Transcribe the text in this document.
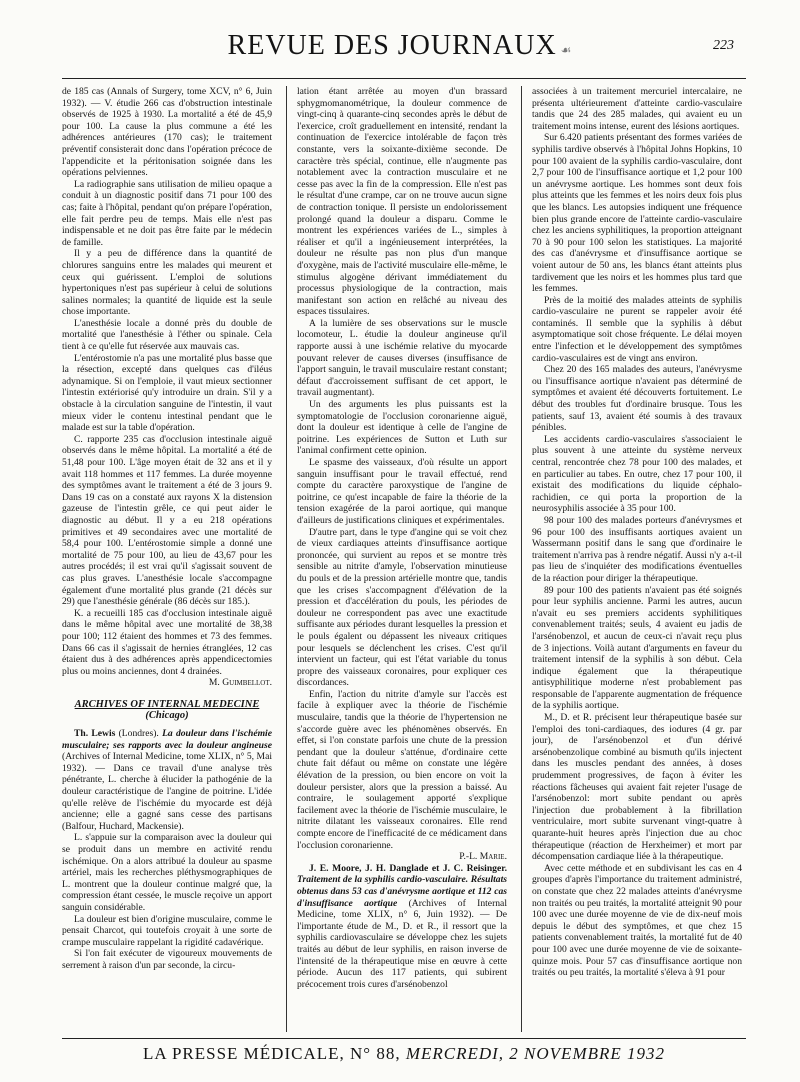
REVUE DES JOURNAUX ☙	223

de 185 cas (Annals of Surgery, tome XCV, n° 6, Juin 1932). — V. étudie 266 cas d'obstruction intestinale observés de 1925 à 1930. La mortalité a été de 45,9 pour 100. La cause la plus commune a été les adhérences antérieures (170 cas); le traitement préventif consisterait donc dans l'opération précoce de l'appendicite et la péritonisation soignée dans les opérations pelviennes.

La radiographie sans utilisation de milieu opaque a conduit à un diagnostic positif dans 71 pour 100 des cas; faite à l'hôpital, pendant qu'on prépare l'opération, elle fait perdre peu de temps. Mais elle n'est pas indispensable et ne doit pas être faite par le médecin de famille.

Il y a peu de différence dans la quantité de chlorures sanguins entre les malades qui meurent et ceux qui guérissent. L'emploi de solutions hypertoniques n'est pas supérieur à celui de solutions salines normales; la quantité de liquide est la seule chose importante.

L'anesthésie locale a donné près du double de mortalité que l'anesthésie à l'éther ou spinale. Cela tient à ce qu'elle fut réservée aux mauvais cas.

L'entérostomie n'a pas une mortalité plus basse que la résection, excepté dans quelques cas d'iléus adynamique. Si on l'emploie, il vaut mieux sectionner l'intestin extériorisé qu'y introduire un drain. S'il y a obstacle à la circulation sanguine de l'intestin, il vaut mieux vider le contenu intestinal pendant que le malade est sur la table d'opération.

C. rapporte 235 cas d'occlusion intestinale aiguë observés dans le même hôpital. La mortalité a été de 51,48 pour 100. L'âge moyen était de 32 ans et il y avait 118 hommes et 117 femmes. La durée moyenne des symptômes avant le traitement a été de 3 jours 9. Dans 19 cas on a constaté aux rayons X la distension gazeuse de l'intestin grêle, ce qui peut aider le diagnostic au début. Il y a eu 218 opérations primitives et 49 secondaires avec une mortalité de 58,4 pour 100. L'entérostomie simple a donné une mortalité de 75 pour 100, au lieu de 43,67 pour les autres procédés; il est vrai qu'il s'agissait souvent de cas plus graves. L'anesthésie locale s'accompagne également d'une mortalité plus grande (21 décès sur 29) que l'anesthésie générale (86 décès sur 185.).

K. a recueilli 185 cas d'occlusion intestinale aiguë dans le même hôpital avec une mortalité de 38,38 pour 100; 112 étaient des hommes et 73 des femmes. Dans 66 cas il s'agissait de hernies étranglées, 12 cas étaient dus à des adhérences après appendicectomies plus ou moins anciennes, dont 4 drainées.

M. Guimbellot.

ARCHIVES OF INTERNAL MEDECINE
(Chicago)

Th. Lewis (Londres). La douleur dans l'ischémie musculaire; ses rapports avec la douleur angineuse (Archives of Internal Medicine, tome XLIX, n° 5, Mai 1932). — Dans ce travail d'une analyse très pénétrante, L. cherche à élucider la pathogénie de la douleur caractéristique de l'angine de poitrine. L'idée qu'elle relève de l'ischémie du myocarde est déjà ancienne; elle a gagné sans cesse des partisans (Balfour, Huchard, Mackensie).

L. s'appuie sur la comparaison avec la douleur qui se produit dans un membre en activité rendu ischémique. On a alors attribué la douleur au spasme artériel, mais les recherches pléthysmographiques de L. montrent que la douleur continue malgré que, la compression étant cessée, le muscle reçoive un apport sanguin considérable.

La douleur est bien d'origine musculaire, comme le pensait Charcot, qui toutefois croyait à une sorte de crampe musculaire rappelant la rigidité cadavérique.

Si l'on fait exécuter de vigoureux mouvements de serrement à raison d'un par seconde, la circu-

lation étant arrêtée au moyen d'un brassard sphygmomanométrique, la douleur commence de vingt-cinq à quarante-cinq secondes après le début de l'exercice, croît graduellement en intensité, rendant la continuation de l'exercice intolérable de façon très constante, vers la soixante-dixième seconde. De caractère très spécial, continue, elle n'augmente pas notablement avec la contraction musculaire et ne cesse pas avec la fin de la compression. Elle n'est pas le résultat d'une crampe, car on ne trouve aucun signe de contraction tonique. Il persiste un endolorissement prolongé quand la douleur a disparu. Comme le montrent les expériences variées de L., simples à réaliser et qu'il a ingénieusement interprétées, la douleur ne résulte pas non plus d'un manque d'oxygène, mais de l'activité musculaire elle-même, le stimulus algogène dérivant immédiatement du processus physiologique de la contraction, mais manifestant son action en relâché au niveau des espaces tissulaires.

A la lumière de ses observations sur le muscle locomoteur, L. étudie la douleur angineuse qu'il rapporte aussi à une ischémie relative du myocarde pouvant relever de causes diverses (insuffisance de l'apport sanguin, le travail musculaire restant constant; défaut d'accroissement suffisant de cet apport, le travail augmentant).

Un des arguments les plus puissants est la symptomatologie de l'occlusion coronarienne aiguë, dont la douleur est identique à celle de l'angine de poitrine. Les expériences de Sutton et Luth sur l'animal confirment cette opinion.

Le spasme des vaisseaux, d'où résulte un apport sanguin insuffisant pour le travail effectué, rend compte du caractère paroxystique de l'angine de poitrine, ce qu'est incapable de faire la théorie de la tension exagérée de la paroi aortique, qui manque d'ailleurs de justifications cliniques et expérimentales.

D'autre part, dans le type d'angine qui se voit chez de vieux cardiaques atteints d'insuffisance aortique prononcée, qui survient au repos et se montre très sensible au nitrite d'amyle, l'observation minutieuse du pouls et de la pression artérielle montre que, tandis que les crises s'accompagnent d'élévation de la pression et d'accélération du pouls, les périodes de douleur ne correspondent pas avec une exactitude suffisante aux périodes durant lesquelles la pression et le pouls égalent ou dépassent les niveaux critiques pour lesquels se déclenchent les crises. C'est qu'il intervient un facteur, qui est l'état variable du tonus propre des vaisseaux coronaires, pour expliquer ces discordances.

Enfin, l'action du nitrite d'amyle sur l'accès est facile à expliquer avec la théorie de l'ischémie musculaire, tandis que la théorie de l'hypertension ne s'accorde guère avec les phénomènes observés. En effet, si l'on constate parfois une chute de la pression pendant que la douleur s'atténue, d'ordinaire cette chute fait défaut ou même on constate une légère élévation de la pression, ou bien encore on voit la douleur persister, alors que la pression a baissé. Au contraire, le soulagement apporté s'explique facilement avec la théorie de l'ischémie musculaire, le nitrite dilatant les vaisseaux coronaires. Elle rend compte encore de l'inefficacité de ce médicament dans l'occlusion coronarienne.

P.-L. Marie.

J. E. Moore, J. H. Danglade et J. C. Reisinger. Traitement de la syphilis cardio-vasculaire. Résultats obtenus dans 53 cas d'anévrysme aortique et 112 cas d'insuffisance aortique (Archives of Internal Medicine, tome XLIX, n° 6, Juin 1932). — De l'importante étude de M., D. et R., il ressort que la syphilis cardiovasculaire se développe chez les sujets traités au début de leur syphilis, en raison inverse de l'intensité de la thérapeutique mise en œuvre à cette période. Aucun des 117 patients, qui subirent précocement trois cures d'arsénobenzol

associées à un traitement mercuriel intercalaire, ne présenta ultérieurement d'atteinte cardio-vasculaire tandis que 24 des 285 malades, qui avaient eu un traitement moins intense, eurent des lésions aortiques.

Sur 6.420 patients présentant des formes variées de syphilis tardive observés à l'hôpital Johns Hopkins, 10 pour 100 avaient de la syphilis cardio-vasculaire, dont 2,7 pour 100 de l'insuffisance aortique et 1,2 pour 100 un anévrysme aortique. Les hommes sont deux fois plus atteints que les femmes et les noirs deux fois plus que les blancs. Les autopsies indiquent une fréquence bien plus grande encore de l'atteinte cardio-vasculaire chez les anciens syphilitiques, la proportion atteignant 70 à 90 pour 100 selon les statistiques. La majorité des cas d'anévrysme et d'insuffisance aortique se voient autour de 50 ans, les blancs étant atteints plus tardivement que les noirs et les hommes plus tard que les femmes.

Près de la moitié des malades atteints de syphilis cardio-vasculaire ne purent se rappeler avoir été contaminés. Il semble que la syphilis à début asymptomatique soit chose fréquente. Le délai moyen entre l'infection et le développement des symptômes cardio-vasculaires est de vingt ans environ.

Chez 20 des 165 malades des auteurs, l'anévrysme ou l'insuffisance aortique n'avaient pas déterminé de symptômes et avaient été découverts fortuitement. Le début des troubles fut d'ordinaire brusque. Tous les patients, sauf 13, avaient été soumis à des travaux pénibles.

Les accidents cardio-vasculaires s'associaient le plus souvent à une atteinte du système nerveux central, rencontrée chez 78 pour 100 des malades, et en particulier au tabes. En outre, chez 17 pour 100, il existait des modifications du liquide céphalo-rachidien, ce qui porta la proportion de la neurosyphilis associée à 35 pour 100.

98 pour 100 des malades porteurs d'anévrysmes et 96 pour 100 des insuffisants aortiques avaient un Wassermann positif dans le sang que d'ordinaire le traitement n'arriva pas à rendre négatif. Aussi n'y a-t-il pas lieu de s'inquiéter des modifications éventuelles de la réaction pour diriger la thérapeutique.

89 pour 100 des patients n'avaient pas été soignés pour leur syphilis ancienne. Parmi les autres, aucun n'avait eu ses premiers accidents syphilitiques convenablement traités; seuls, 4 avaient eu jadis de l'arsénobenzol, et aucun de ceux-ci n'avait reçu plus de 3 injections. Voilà autant d'arguments en faveur du traitement intensif de la syphilis à son début. Cela indique également que la thérapeutique antisyphilitique moderne n'est probablement pas responsable de l'apparente augmentation de fréquence de la syphilis aortique.

M., D. et R. précisent leur thérapeutique basée sur l'emploi des toni-cardiaques, des iodures (4 gr. par jour), de l'arsénobenzol et d'un dérivé arsénobenzolique combiné au bismuth qu'ils injectent dans les muscles pendant des années, à doses prudemment progressives, de façon à éviter les réactions fâcheuses qui avaient fait rejeter l'usage de l'arsénobenzol: mort subite pendant ou après l'injection due probablement à la fibrillation ventriculaire, mort subite survenant vingt-quatre à quarante-huit heures après l'injection due au choc thérapeutique (réaction de Herxheimer) et mort par décompensation cardiaque liée à la thérapeutique.

Avec cette méthode et en subdivisant les cas en 4 groupes d'après l'importance du traitement administré, on constate que chez 22 malades atteints d'anévrysme non traités ou peu traités, la mortalité atteignit 90 pour 100 avec une durée moyenne de vie de dix-neuf mois depuis le début des symptômes, et que chez 15 patients convenablement traités, la mortalité fut de 40 pour 100 avec une durée moyenne de vie de soixante-quinze mois. Pour 57 cas d'insuffisance aortique non traités ou peu traités, la mortalité s'éleva à 91 pour

LA PRESSE MÉDICALE, N° 88, MERCREDI, 2 NOVEMBRE 1932
